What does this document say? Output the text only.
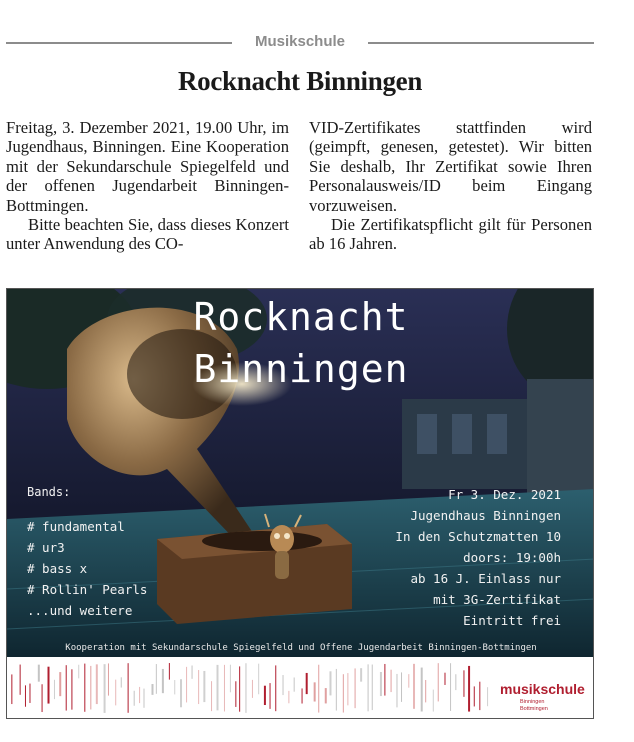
Musikschule
Rocknacht Binningen

Freitag, 3. Dezember 2021, 19.00 Uhr, im Jugendhaus, Binningen. Eine Kooperation mit der Sekundarschule Spiegelfeld und der offenen Jugendarbeit Binningen-Bottmingen.

Bitte beachten Sie, dass dieses Konzert unter Anwendung des CO-

VID-Zertifikates stattfinden wird (geimpft, genesen, getestet). Wir bitten Sie deshalb, Ihr Zertifikat sowie Ihren Personalausweis/ID beim Eingang vorzuweisen.

Die Zertifikatspflicht gilt für Personen ab 16 Jahren.

Rocknacht
Binningen
Bands:
# fundamental
# ur3
# bass x
# Rollin' Pearls
...und weitere
Fr 3. Dez. 2021
Jugendhaus Binningen
In den Schutzmatten 10
doors: 19:00h
ab 16 J. Einlass nur
mit 3G-Zertifikat
Eintritt frei
Kooperation mit Sekundarschule Spiegelfeld und Offene Jugendarbeit Binningen-Bottmingen
musikschule
Binningen
Bottmingen
